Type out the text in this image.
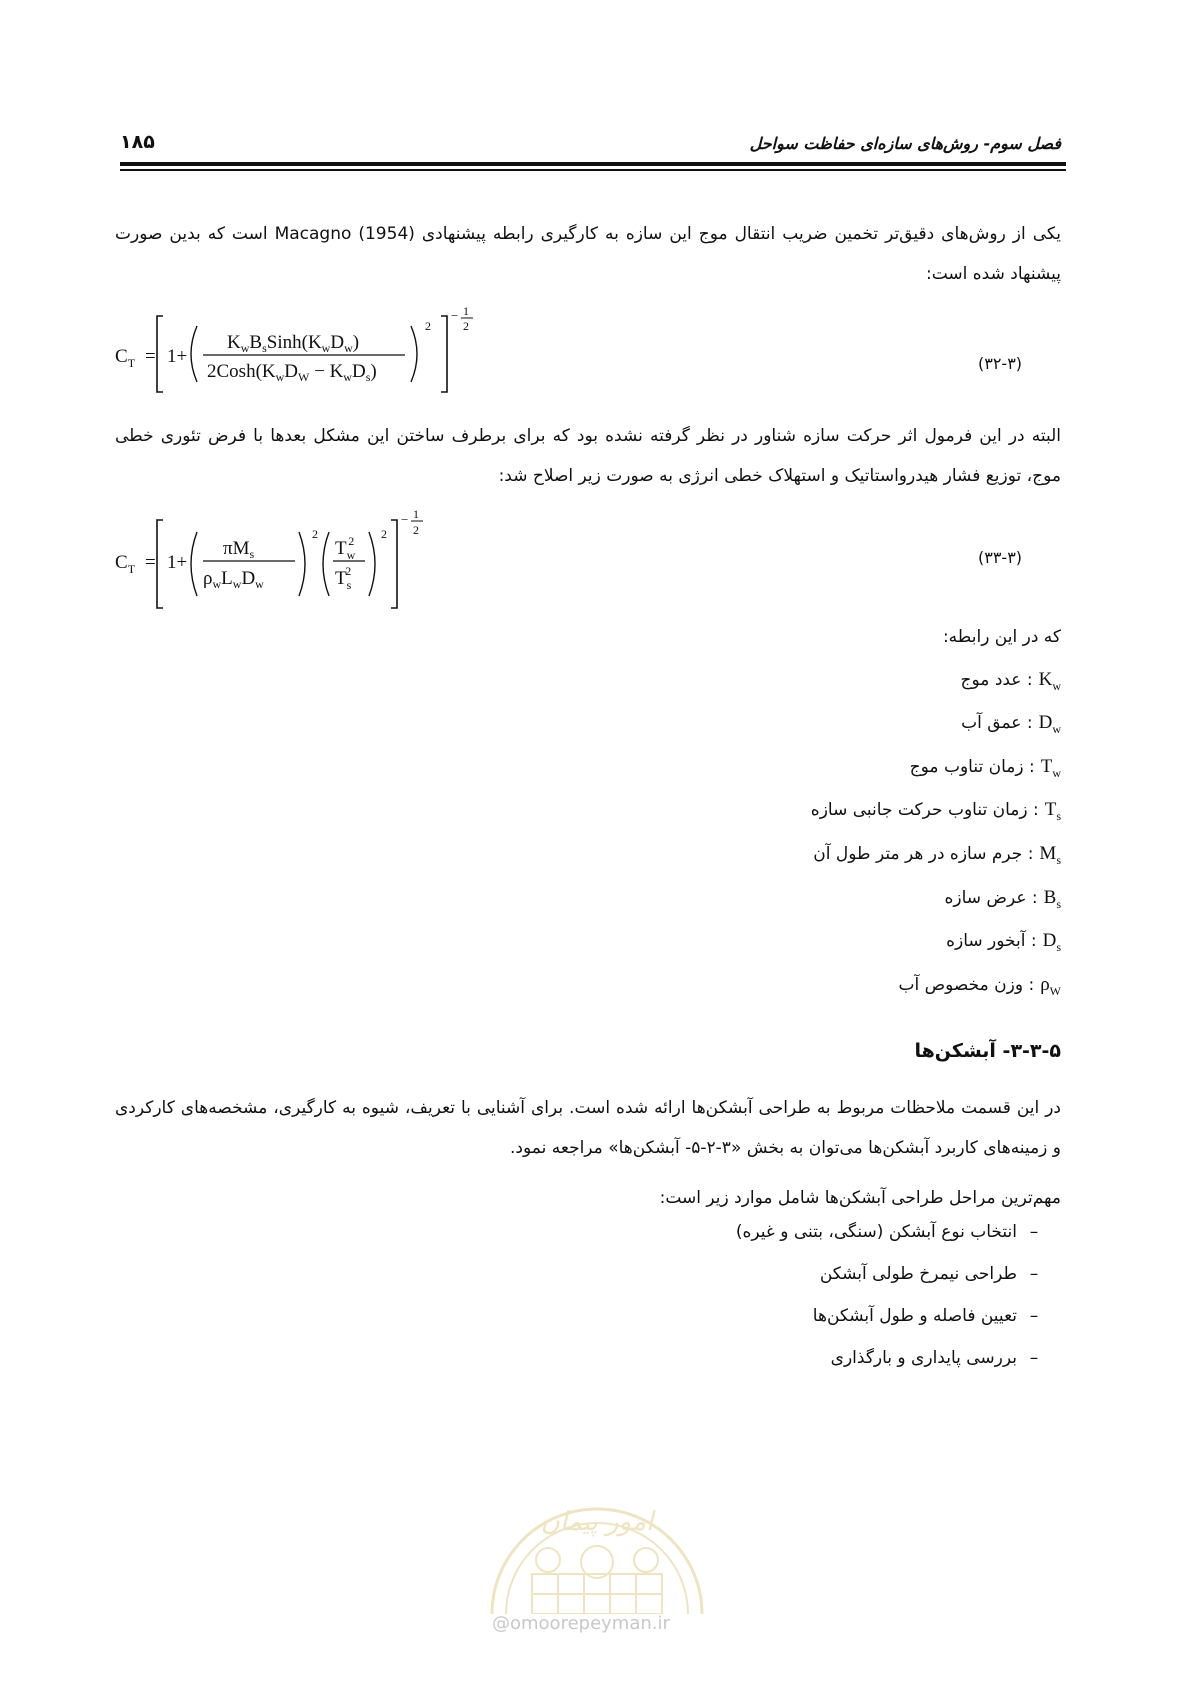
فصل سوم- روش‌های سازه‌ای حفاظت سواحل
۱۸۵
یکی از روش‌های دقیق‌تر تخمین ضریب انتقال موج این سازه به کارگیری رابطه پیشنهادی Macagno (1954) است که بدین صورت پیشنهاد شده است:
$C_T = 1+$
$K_wB_sSinh(K_wD_w)$
$2Cosh(K_wD_W - K_wD_s)$
2
− 1
2
(۳۲-۳)
البته در این فرمول اثر حرکت سازه شناور در نظر گرفته نشده بود که برای برطرف ساختن این مشکل بعدها با فرض تئوری خطی موج، توزیع فشار هیدرواستاتیک و استهلاک خطی انرژی به صورت زیر اصلاح شد:
$C_T = 1+$
$\pi M_s$
$\rho_wL_wD_w$
2
$T_w2$
$T_s2$
2
− 1
2
(۳۳-۳)
که در این رابطه:
$K_w$
: عدد موج
$D_w$
: عمق آب
$T_w$
: زمان تناوب موج
$T_s$
: زمان تناوب حرکت جانبی سازه
$M_s$
: جرم سازه در هر متر طول آن
$B_s$
: عرض سازه
$D_s$
: آبخور سازه
$\rho_W$
: وزن مخصوص آب
۳-۳-۵- آبشکن‌ها
در این قسمت ملاحظات مربوط به طراحی آبشکن‌ها ارائه شده است. برای آشنایی با تعریف، شیوه به کارگیری، مشخصه‌های کارکردی و زمینه‌های کاربرد آبشکن‌ها می‌توان به بخش «۳-۲-۵- آبشکن‌ها» مراجعه نمود.
مهم‌ترین مراحل طراحی آبشکن‌ها شامل موارد زیر است:
–انتخاب نوع آبشکن (سنگی، بتنی و غیره)
–طراحی نیمرخ طولی آبشکن
–تعیین فاصله و طول آبشکن‌ها
–بررسی پایداری و بارگذاری
امور پیمان
@omoorepeyman.ir
